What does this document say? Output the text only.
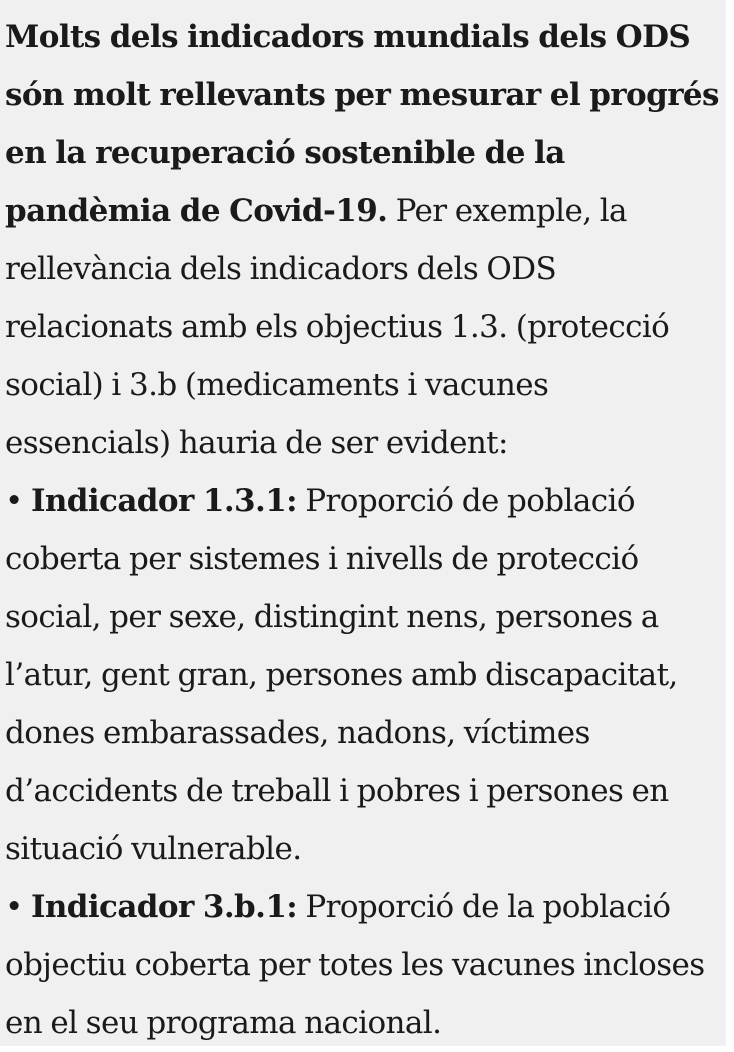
Molts dels indicadors mundials dels ODS són molt rellevants per mesurar el progrés en la recuperació sostenible de la pandèmia de Covid-19. Per exemple, la rellevància dels indicadors dels ODS relacionats amb els objectius 1.3. (protecció social) i 3.b (medicaments i vacunes essencials) hauria de ser evident:

• Indicador 1.3.1: Proporció de població coberta per sistemes i nivells de protecció social, per sexe, distingint nens, persones a l’atur, gent gran, persones amb discapacitat, dones embarassades, nadons, víctimes d’accidents de treball i pobres i persones en situació vulnerable.

• Indicador 3.b.1: Proporció de la població objectiu coberta per totes les vacunes incloses en el seu programa nacional.
